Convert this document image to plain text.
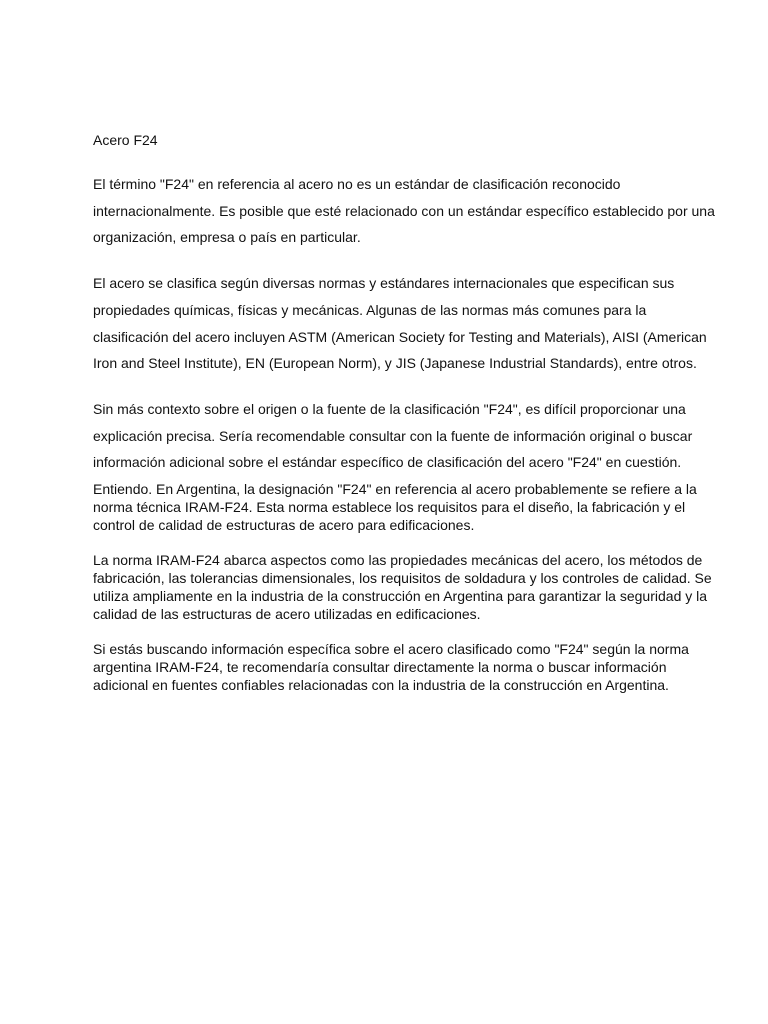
Acero F24

El término "F24" en referencia al acero no es un estándar de clasificación reconocido internacionalmente. Es posible que esté relacionado con un estándar específico establecido por una organización, empresa o país en particular.

El acero se clasifica según diversas normas y estándares internacionales que especifican sus propiedades químicas, físicas y mecánicas. Algunas de las normas más comunes para la clasificación del acero incluyen ASTM (American Society for Testing and Materials), AISI (American Iron and Steel Institute), EN (European Norm), y JIS (Japanese Industrial Standards), entre otros.

Sin más contexto sobre el origen o la fuente de la clasificación "F24", es difícil proporcionar una explicación precisa. Sería recomendable consultar con la fuente de información original o buscar información adicional sobre el estándar específico de clasificación del acero "F24" en cuestión.

Entiendo. En Argentina, la designación "F24" en referencia al acero probablemente se refiere a la norma técnica IRAM-F24. Esta norma establece los requisitos para el diseño, la fabricación y el control de calidad de estructuras de acero para edificaciones.

La norma IRAM-F24 abarca aspectos como las propiedades mecánicas del acero, los métodos de fabricación, las tolerancias dimensionales, los requisitos de soldadura y los controles de calidad. Se utiliza ampliamente en la industria de la construcción en Argentina para garantizar la seguridad y la calidad de las estructuras de acero utilizadas en edificaciones.

Si estás buscando información específica sobre el acero clasificado como "F24" según la norma argentina IRAM-F24, te recomendaría consultar directamente la norma o buscar información adicional en fuentes confiables relacionadas con la industria de la construcción en Argentina.
